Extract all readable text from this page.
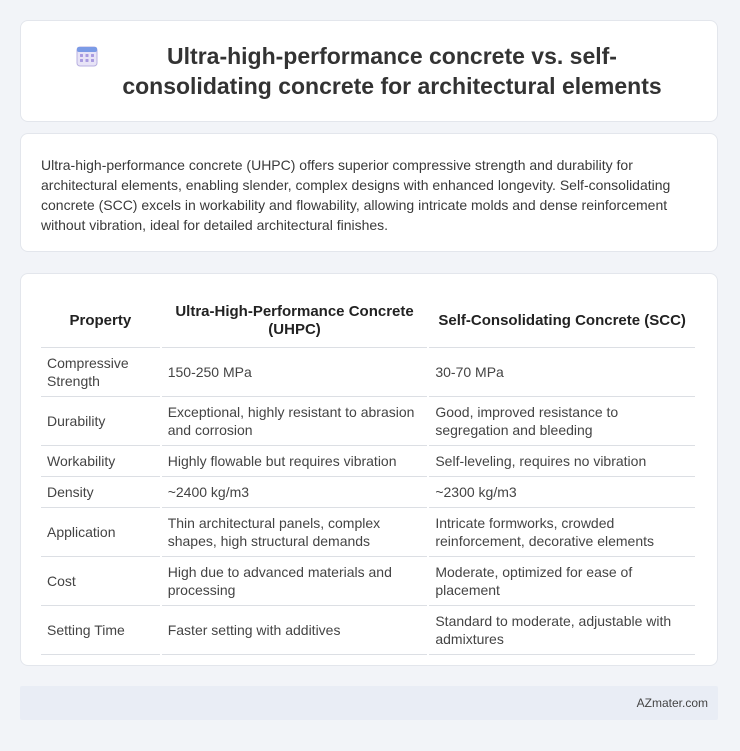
Ultra-high-performance concrete vs. self-consolidating concrete for architectural elements

Ultra-high-performance concrete (UHPC) offers superior compressive strength and durability for architectural elements, enabling slender, complex designs with enhanced longevity. Self-consolidating concrete (SCC) excels in workability and flowability, allowing intricate molds and dense reinforcement without vibration, ideal for detailed architectural finishes.

Property	Ultra-High-Performance Concrete (UHPC)	Self-Consolidating Concrete (SCC)
Compressive Strength	150-250 MPa	30-70 MPa
Durability	Exceptional, highly resistant to abrasion and corrosion	Good, improved resistance to segregation and bleeding
Workability	Highly flowable but requires vibration	Self-leveling, requires no vibration
Density	~2400 kg/m3	~2300 kg/m3
Application	Thin architectural panels, complex shapes, high structural demands	Intricate formworks, crowded reinforcement, decorative elements
Cost	High due to advanced materials and processing	Moderate, optimized for ease of placement
Setting Time	Faster setting with additives	Standard to moderate, adjustable with admixtures
AZmater.com
